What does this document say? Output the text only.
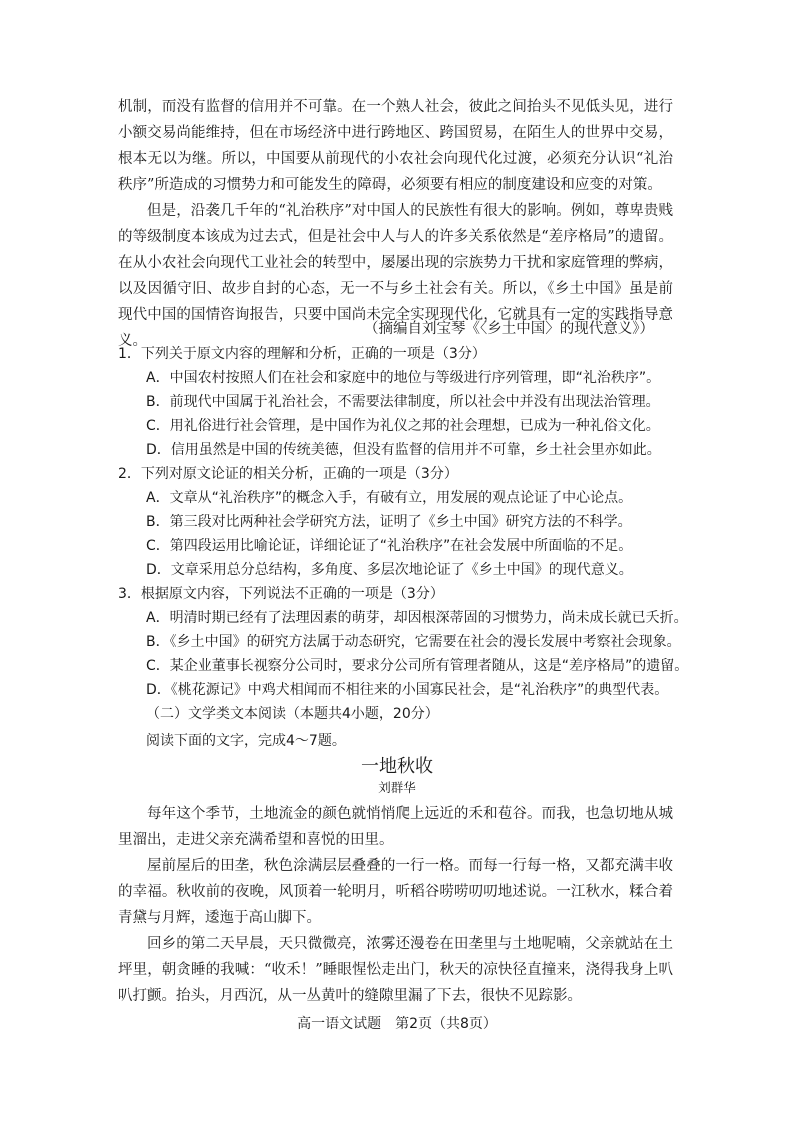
机制，而没有监督的信用并不可靠。在一个熟人社会，彼此之间抬头不见低头见，进行小额交易尚能维持，但在市场经济中进行跨地区、跨国贸易，在陌生人的世界中交易，根本无以为继。所以，中国要从前现代的小农社会向现代化过渡，必须充分认识“礼治秩序”所造成的习惯势力和可能发生的障碍，必须要有相应的制度建设和应变的对策。
但是，沿袭几千年的“礼治秩序”对中国人的民族性有很大的影响。例如，尊卑贵贱的等级制度本该成为过去式，但是社会中人与人的许多关系依然是“差序格局”的遗留。在从小农社会向现代工业社会的转型中，屡屡出现的宗族势力干扰和家庭管理的弊病，以及因循守旧、故步自封的心态，无一不与乡土社会有关。所以，《乡土中国》虽是前现代中国的国情咨询报告，只要中国尚未完全实现现代化，它就具有一定的实践指导意义。
（摘编自刘宝琴《〈乡土中国〉的现代意义》）
1．下列关于原文内容的理解和分析，正确的一项是（3分）
A．中国农村按照人们在社会和家庭中的地位与等级进行序列管理，即“礼治秩序”。
B．前现代中国属于礼治社会，不需要法律制度，所以社会中并没有出现法治管理。
C．用礼俗进行社会管理，是中国作为礼仪之邦的社会理想，已成为一种礼俗文化。
D．信用虽然是中国的传统美德，但没有监督的信用并不可靠，乡土社会里亦如此。
2．下列对原文论证的相关分析，正确的一项是（3分）
A．文章从“礼治秩序”的概念入手，有破有立，用发展的观点论证了中心论点。
B．第三段对比两种社会学研究方法，证明了《乡土中国》研究方法的不科学。
C．第四段运用比喻论证，详细论证了“礼治秩序”在社会发展中所面临的不足。
D．文章采用总分总结构，多角度、多层次地论证了《乡土中国》的现代意义。
3．根据原文内容，下列说法不正确的一项是（3分）
A．明清时期已经有了法理因素的萌芽，却因根深蒂固的习惯势力，尚未成长就已夭折。
B．《乡土中国》的研究方法属于动态研究，它需要在社会的漫长发展中考察社会现象。
C．某企业董事长视察分公司时，要求分公司所有管理者随从，这是“差序格局”的遗留。
D．《桃花源记》中鸡犬相闻而不相往来的小国寡民社会，是“礼治秩序”的典型代表。
（二）文学类文本阅读（本题共4小题，20分）
阅读下面的文字，完成4～7题。
一地秋收
刘群华
每年这个季节，土地流金的颜色就悄悄爬上远近的禾和苞谷。而我，也急切地从城里溜出，走进父亲充满希望和喜悦的田里。
屋前屋后的田垄，秋色涂满层层叠叠的一行一格。而每一行每一格，又都充满丰收的幸福。秋收前的夜晚，风顶着一轮明月，听稻谷唠唠叨叨地述说。一江秋水，糅合着青黛与月辉，逶迤于高山脚下。
回乡的第二天早晨，天只微微亮，浓雾还漫卷在田垄里与土地呢喃，父亲就站在土坪里，朝贪睡的我喊：“收禾！”睡眼惺忪走出门，秋天的凉快径直撞来，浇得我身上叭叭打颤。抬头，月西沉，从一丛黄叶的缝隙里漏了下去，很快不见踪影。
高一语文试题　第2页（共8页）
